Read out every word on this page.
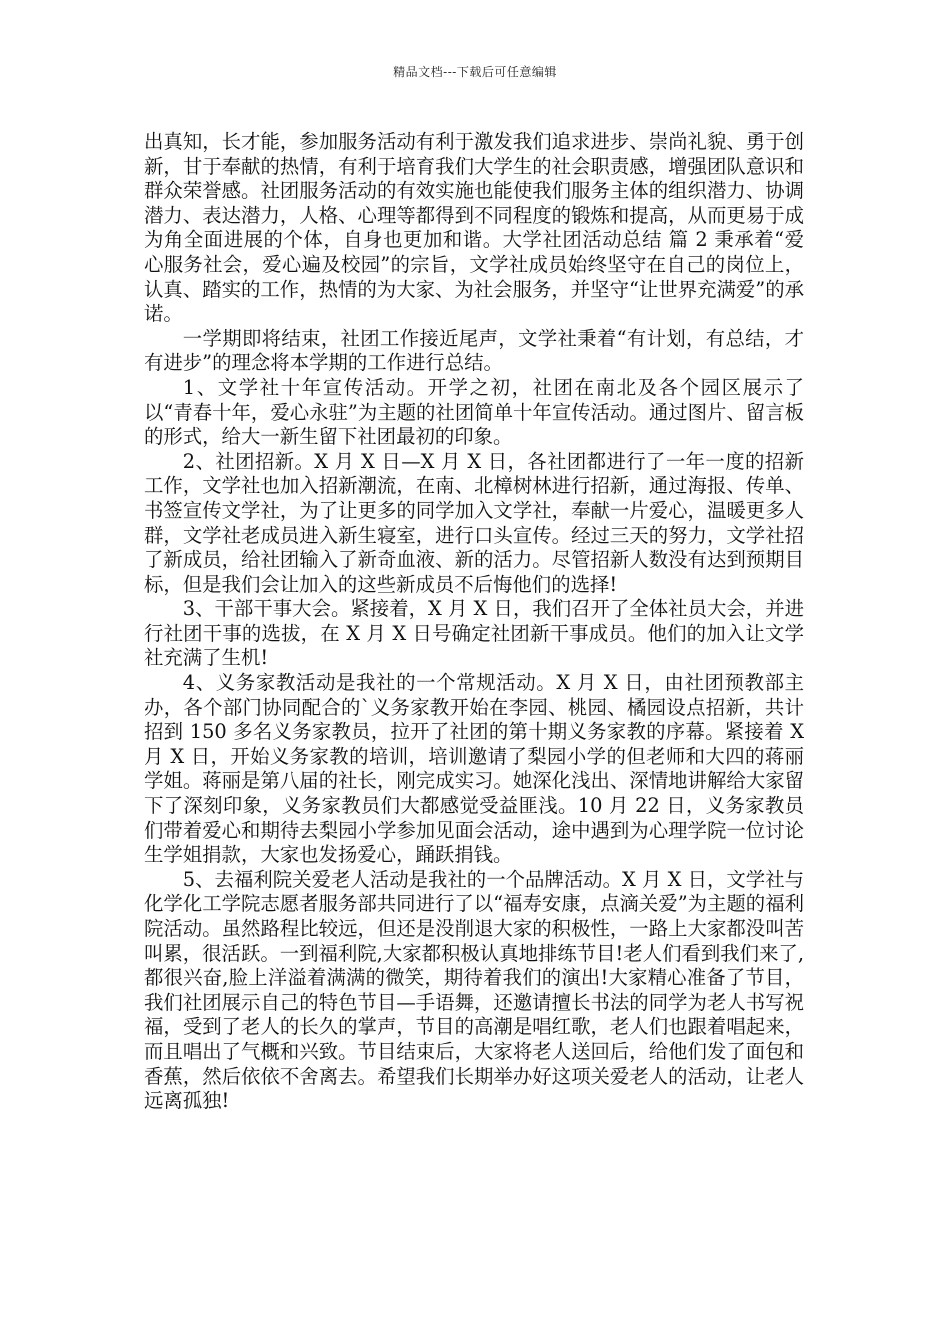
精品文档---下载后可任意编辑

出真知，长才能，参加服务活动有利于激发我们追求进步、崇尚礼貌、勇于创新，甘于奉献的热情，有利于培育我们大学生的社会职责感，增强团队意识和群众荣誉感。社团服务活动的有效实施也能使我们服务主体的组织潜力、协调潜力、表达潜力，人格、心理等都得到不同程度的锻炼和提高，从而更易于成为角全面进展的个体，自身也更加和谐。大学社团活动总结 篇 2 秉承着“爱心服务社会，爱心遍及校园”的宗旨，文学社成员始终坚守在自己的岗位上，认真、踏实的工作，热情的为大家、为社会服务，并坚守“让世界充满爱”的承诺。

一学期即将结束，社团工作接近尾声，文学社秉着“有计划，有总结，才有进步”的理念将本学期的工作进行总结。

1、文学社十年宣传活动。开学之初，社团在南北及各个园区展示了以“青春十年，爱心永驻”为主题的社团简单十年宣传活动。通过图片、留言板的形式，给大一新生留下社团最初的印象。

2、社团招新。X 月 X 日—X 月 X 日，各社团都进行了一年一度的招新工作，文学社也加入招新潮流，在南、北樟树林进行招新，通过海报、传单、书签宣传文学社，为了让更多的同学加入文学社，奉献一片爱心，温暖更多人群，文学社老成员进入新生寝室，进行口头宣传。经过三天的努力，文学社招了新成员，给社团输入了新奇血液、新的活力。尽管招新人数没有达到预期目标，但是我们会让加入的这些新成员不后悔他们的选择!

3、干部干事大会。紧接着，X 月 X 日，我们召开了全体社员大会，并进行社团干事的选拔，在 X 月 X 日号确定社团新干事成员。他们的加入让文学社充满了生机!

4、义务家教活动是我社的一个常规活动。X 月 X 日，由社团预教部主办，各个部门协同配合的`义务家教开始在李园、桃园、橘园设点招新，共计招到 150 多名义务家教员，拉开了社团的第十期义务家教的序幕。紧接着 X 月 X 日，开始义务家教的培训，培训邀请了梨园小学的但老师和大四的蒋丽学姐。蒋丽是第八届的社长，刚完成实习。她深化浅出、深情地讲解给大家留下了深刻印象，义务家教员们大都感觉受益匪浅。10 月 22 日，义务家教员们带着爱心和期待去梨园小学参加见面会活动，途中遇到为心理学院一位讨论生学姐捐款，大家也发扬爱心，踊跃捐钱。

5、去福利院关爱老人活动是我社的一个品牌活动。X 月 X 日，文学社与化学化工学院志愿者服务部共同进行了以“福寿安康，点滴关爱”为主题的福利院活动。虽然路程比较远，但还是没削退大家的积极性，一路上大家都没叫苦叫累，很活跃。一到福利院,大家都积极认真地排练节目!老人们看到我们来了,都很兴奋,脸上洋溢着满满的微笑，期待着我们的演出!大家精心准备了节目，我们社团展示自己的特色节目—手语舞，还邀请擅长书法的同学为老人书写祝福，受到了老人的长久的掌声，节目的高潮是唱红歌，老人们也跟着唱起来，而且唱出了气概和兴致。节目结束后，大家将老人送回后，给他们发了面包和香蕉，然后依依不舍离去。希望我们长期举办好这项关爱老人的活动，让老人远离孤独!
